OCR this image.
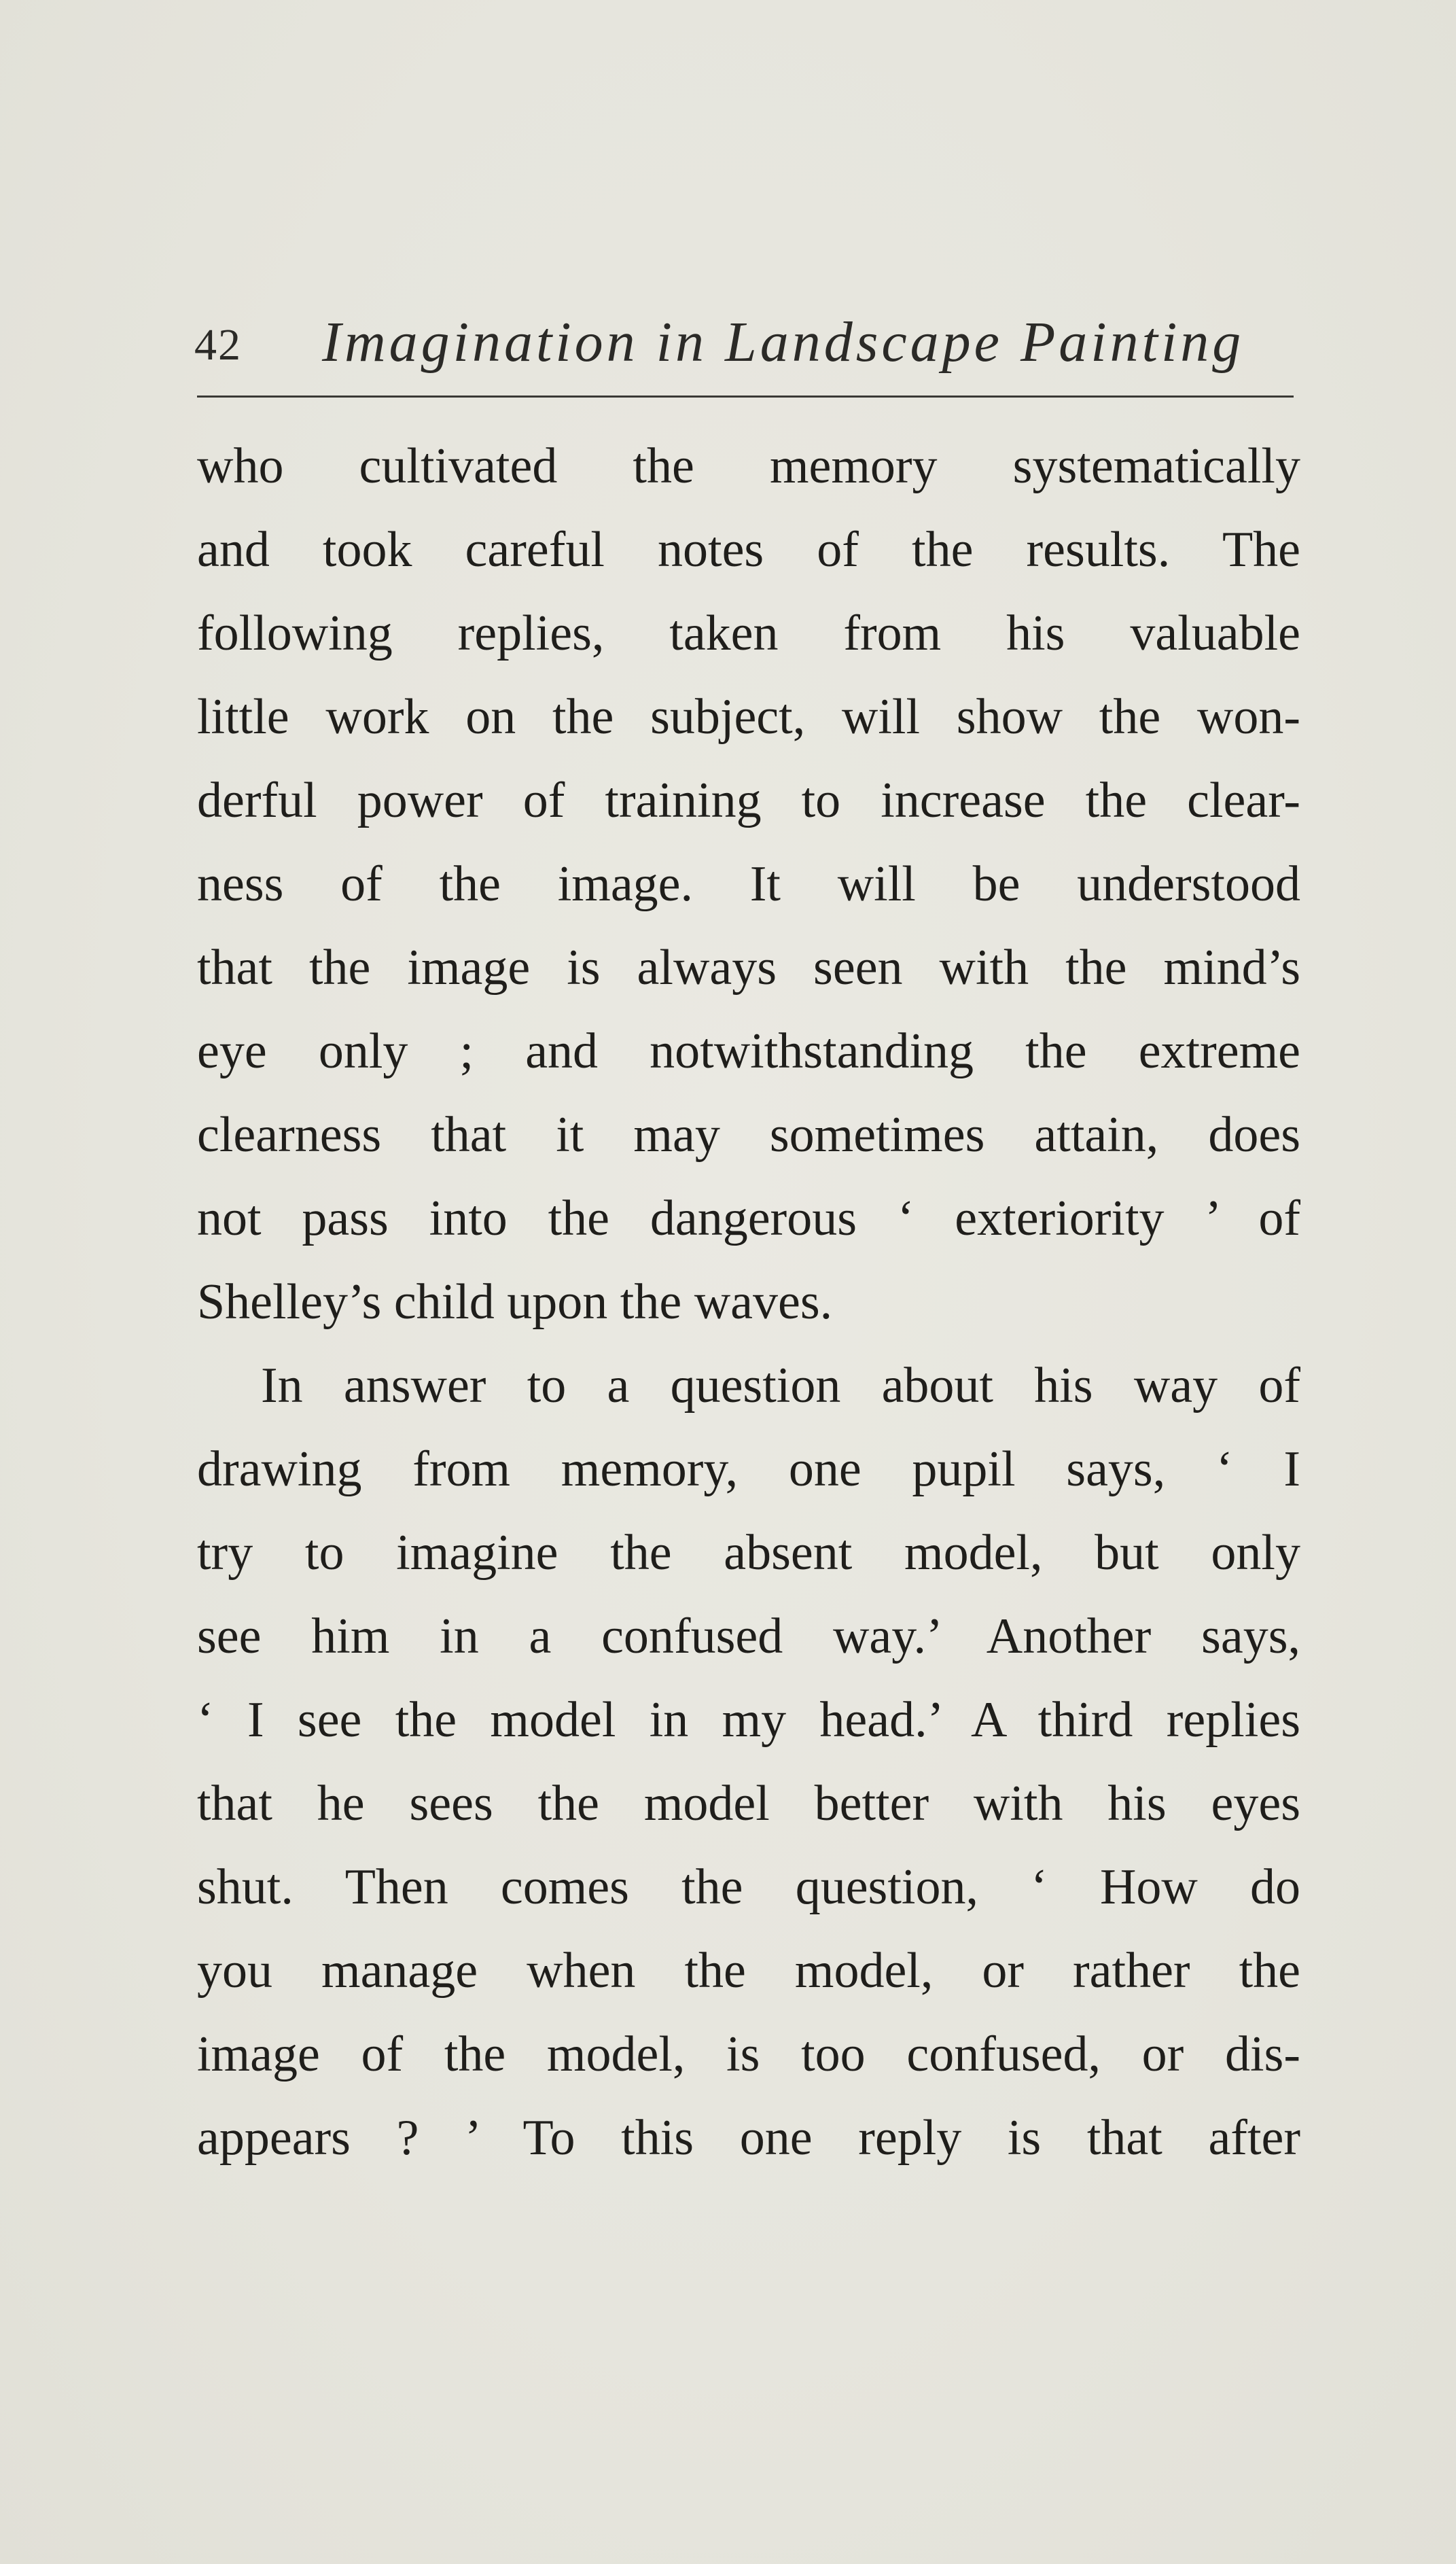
42 Imagination in Landscape Painting
who cultivated the memory systematically
and took careful notes of the results. The
following replies, taken from his valuable
little work on the subject, will show the won-
derful power of training to increase the clear-
ness of the image. It will be understood
that the image is always seen with the mind’s
eye only ; and notwithstanding the extreme
clearness that it may sometimes attain, does
not pass into the dangerous ‘ exteriority ’ of
Shelley’s child upon the waves.
In answer to a question about his way of
drawing from memory, one pupil says, ‘ I
try to imagine the absent model, but only
see him in a confused way.’ Another says,
‘ I see the model in my head.’ A third replies
that he sees the model better with his eyes
shut. Then comes the question, ‘ How do
you manage when the model, or rather the
image of the model, is too confused, or dis-
appears ? ’ To this one reply is that after
